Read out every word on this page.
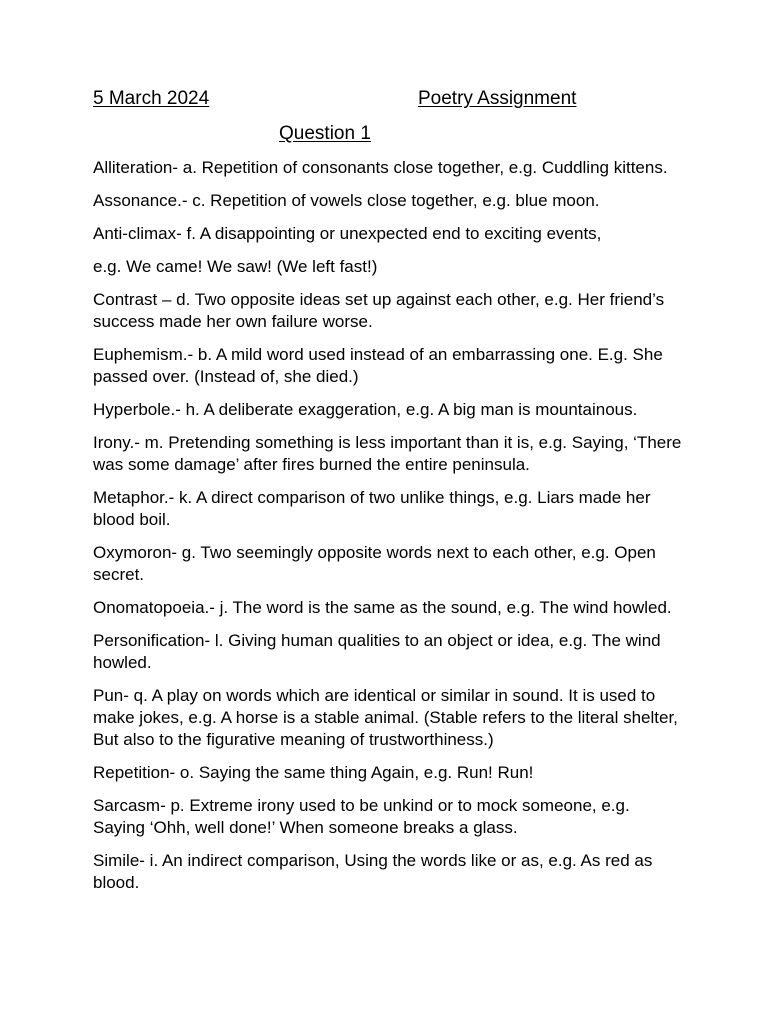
5 March 2024	Poetry Assignment
Question 1
Alliteration- a. Repetition of consonants close together, e.g. Cuddling kittens.
Assonance.- c. Repetition of vowels close together, e.g. blue moon.
Anti-climax- f. A disappointing or unexpected end to exciting events,
e.g. We came! We saw! (We left fast!)
Contrast – d. Two opposite ideas set up against each other, e.g. Her friend’s success made her own failure worse.
Euphemism.- b. A mild word used instead of an embarrassing one. E.g. She passed over. (Instead of, she died.)
Hyperbole.- h. A deliberate exaggeration, e.g. A big man is mountainous.
Irony.- m. Pretending something is less important than it is, e.g. Saying, ‘There was some damage’ after fires burned the entire peninsula.
Metaphor.- k. A direct comparison of two unlike things, e.g. Liars made her blood boil.
Oxymoron- g. Two seemingly opposite words next to each other, e.g. Open secret.
Onomatopoeia.- j. The word is the same as the sound, e.g. The wind howled.
Personification- l. Giving human qualities to an object or idea, e.g. The wind howled.
Pun- q. A play on words which are identical or similar in sound. It is used to make jokes, e.g. A horse is a stable animal. (Stable refers to the literal shelter, But also to the figurative meaning of trustworthiness.)
Repetition- o. Saying the same thing Again, e.g. Run! Run!
Sarcasm- p. Extreme irony used to be unkind or to mock someone, e.g. Saying ‘Ohh, well done!’ When someone breaks a glass.
Simile- i. An indirect comparison, Using the words like or as, e.g. As red as blood.
